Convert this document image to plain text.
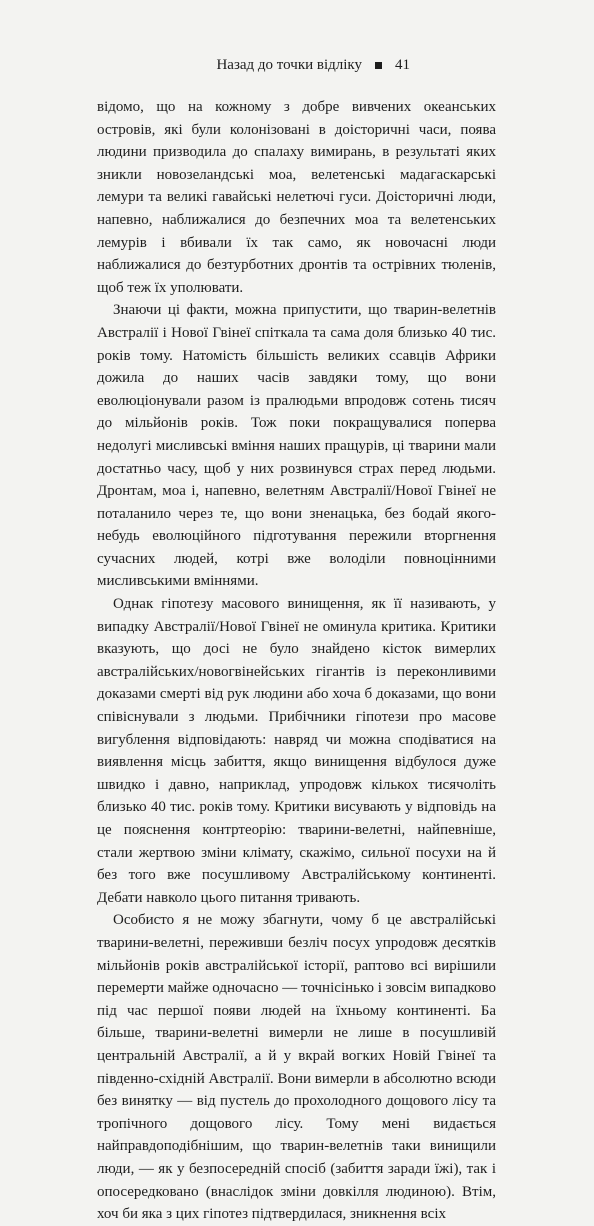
Назад до точки відліку 41

відомо, що на кожному з добре вивчених океанських островів, які були колонізовані в доісторичні часи, поява людини призводила до спалаху вимирань, в результаті яких зникли новозеландські моа, велетенські мадагаскарські лемури та великі гавайські нелетючі гуси. Доісторичні люди, напевно, наближалися до безпечних моа та велетенських лемурів і вбивали їх так само, як новочасні люди наближалися до безтурботних дронтів та острівних тюленів, щоб теж їх уполювати.

Знаючи ці факти, можна припустити, що тварин-велетнів Австралії і Нової Гвінеї спіткала та сама доля близько 40 тис. років тому. Натомість більшість великих ссавців Африки дожила до наших часів завдяки тому, що вони еволюціонували разом із пралюдьми впродовж сотень тисяч до мільйонів років. Тож поки покращувалися поперва недолугі мисливські вміння наших пращурів, ці тварини мали достатньо часу, щоб у них розвинувся страх перед людьми. Дронтам, моа і, напевно, велетням Австралії/Нової Гвінеї не поталанило через те, що вони зненацька, без бодай якого-небудь еволюційного підготування пережили вторгнення сучасних людей, котрі вже володіли повноцінними мисливськими вміннями.

Однак гіпотезу масового винищення, як її називають, у випадку Австралії/Нової Гвінеї не оминула критика. Критики вказують, що досі не було знайдено кісток вимерлих австралійських/новогвінейських гігантів із переконливими доказами смерті від рук людини або хоча б доказами, що вони співіснували з людьми. Прибічники гіпотези про масове вигублення відповідають: навряд чи можна сподіватися на виявлення місць забиття, якщо винищення відбулося дуже швидко і давно, наприклад, упродовж кількох тисячоліть близько 40 тис. років тому. Критики висувають у відповідь на це пояснення контртеорію: тварини-велетні, найпевніше, стали жертвою зміни клімату, скажімо, сильної посухи на й без того вже посушливому Австралійському континенті. Дебати навколо цього питання тривають.

Особисто я не можу збагнути, чому б це австралійські тварини-велетні, переживши безліч посух упродовж десятків мільйонів років австралійської історії, раптово всі вирішили перемерти майже одночасно — точнісінько і зовсім випадково під час першої появи людей на їхньому континенті. Ба більше, тварини-велетні вимерли не лише в посушливій центральній Австралії, а й у вкрай вогких Новій Гвінеї та південно-східній Австралії. Вони вимерли в абсолютно всюди без винятку — від пустель до прохолодного дощового лісу та тропічного дощового лісу. Тому мені видається найправдоподібнішим, що тварин-велетнів таки винищили люди, — як у безпосередній спосіб (забиття заради їжі), так і опосередковано (внаслідок зміни довкілля людиною). Втім, хоч би яка з цих гіпотез підтвердилася, зникнення всіх
